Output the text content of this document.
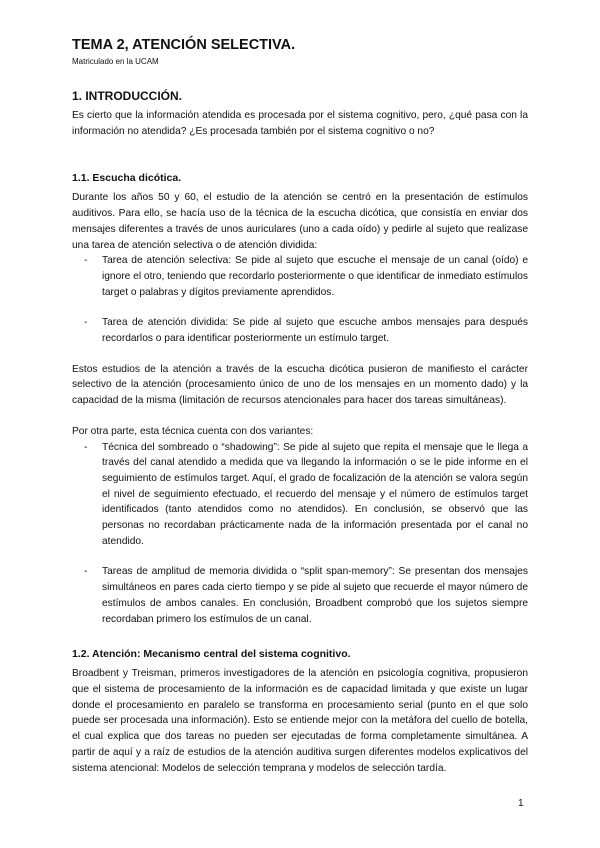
TEMA 2, ATENCIÓN SELECTIVA.
Matriculado en la UCAM
1. INTRODUCCIÓN.

Es cierto que la información atendida es procesada por el sistema cognitivo, pero, ¿qué pasa con la información no atendida? ¿Es procesada también por el sistema cognitivo o no?

1.1. Escucha dicótica.

Durante los años 50 y 60, el estudio de la atención se centró en la presentación de estímulos auditivos. Para ello, se hacía uso de la técnica de la escucha dicótica, que consistía en enviar dos mensajes diferentes a través de unos auriculares (uno a cada oído) y pedirle al sujeto que realizase una tarea de atención selectiva o de atención dividida:

- Tarea de atención selectiva: Se pide al sujeto que escuche el mensaje de un canal (oído) e ignore el otro, teniendo que recordarlo posteriormente o que identificar de inmediato estímulos target o palabras y dígitos previamente aprendidos.
- Tarea de atención dividida: Se pide al sujeto que escuche ambos mensajes para después recordarlos o para identificar posteriormente un estímulo target.

Estos estudios de la atención a través de la escucha dicótica pusieron de manifiesto el carácter selectivo de la atención (procesamiento único de uno de los mensajes en un momento dado) y la capacidad de la misma (limitación de recursos atencionales para hacer dos tareas simultáneas).

Por otra parte, esta técnica cuenta con dos variantes:

- Técnica del sombreado o “shadowing”: Se pide al sujeto que repita el mensaje que le llega a través del canal atendido a medida que va llegando la información o se le pide informe en el seguimiento de estímulos target. Aquí, el grado de focalización de la atención se valora según el nivel de seguimiento efectuado, el recuerdo del mensaje y el número de estímulos target identificados (tanto atendidos como no atendidos). En conclusión, se observó que las personas no recordaban prácticamente nada de la información presentada por el canal no atendido.
- Tareas de amplitud de memoria dividida o “split span-memory”: Se presentan dos mensajes simultáneos en pares cada cierto tiempo y se pide al sujeto que recuerde el mayor número de estímulos de ambos canales. En conclusión, Broadbent comprobó que los sujetos siempre recordaban primero los estímulos de un canal.
1.2. Atención: Mecanismo central del sistema cognitivo.

Broadbent y Treisman, primeros investigadores de la atención en psicología cognitiva, propusieron que el sistema de procesamiento de la información es de capacidad limitada y que existe un lugar donde el procesamiento en paralelo se transforma en procesamiento serial (punto en el que solo puede ser procesada una información). Esto se entiende mejor con la metáfora del cuello de botella, el cual explica que dos tareas no pueden ser ejecutadas de forma completamente simultánea. A partir de aquí y a raíz de estudios de la atención auditiva surgen diferentes modelos explicativos del sistema atencional: Modelos de selección temprana y modelos de selección tardía.

1
